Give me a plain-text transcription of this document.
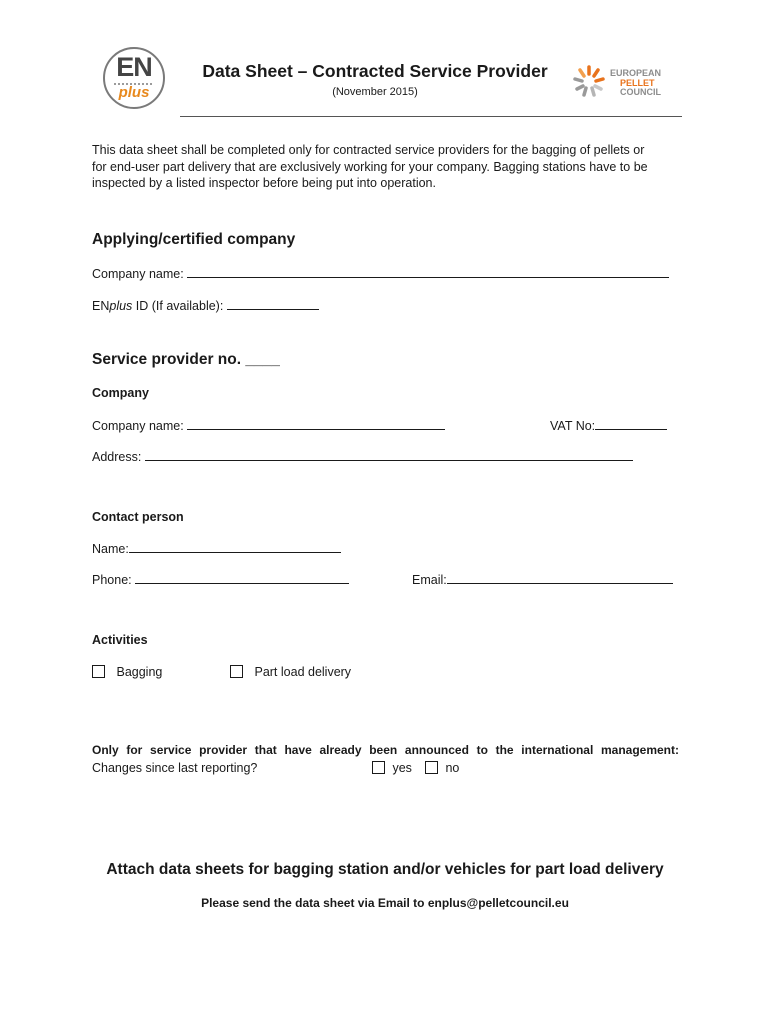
EN
plus
Data Sheet – Contracted Service Provider
(November 2015)
EUROPEAN
PELLET
COUNCIL
This data sheet shall be completed only for contracted service providers for the bagging of pellets or
for end-user part delivery that are exclusively working for your company. Bagging stations have to be
inspected by a listed inspector before being put into operation.
Applying/certified company
Company name:
ENplus ID (If available):
Service provider no. ____
Company
Company name:	VAT No:
Address:
Contact person
Name:
Phone:	Email:
Activities
Bagging	Part load delivery
Only for service provider that have already been announced to the international management:
Changes since last reporting?	yes	no
Attach data sheets for bagging station and/or vehicles for part load delivery
Please send the data sheet via Email to enplus@pelletcouncil.eu
